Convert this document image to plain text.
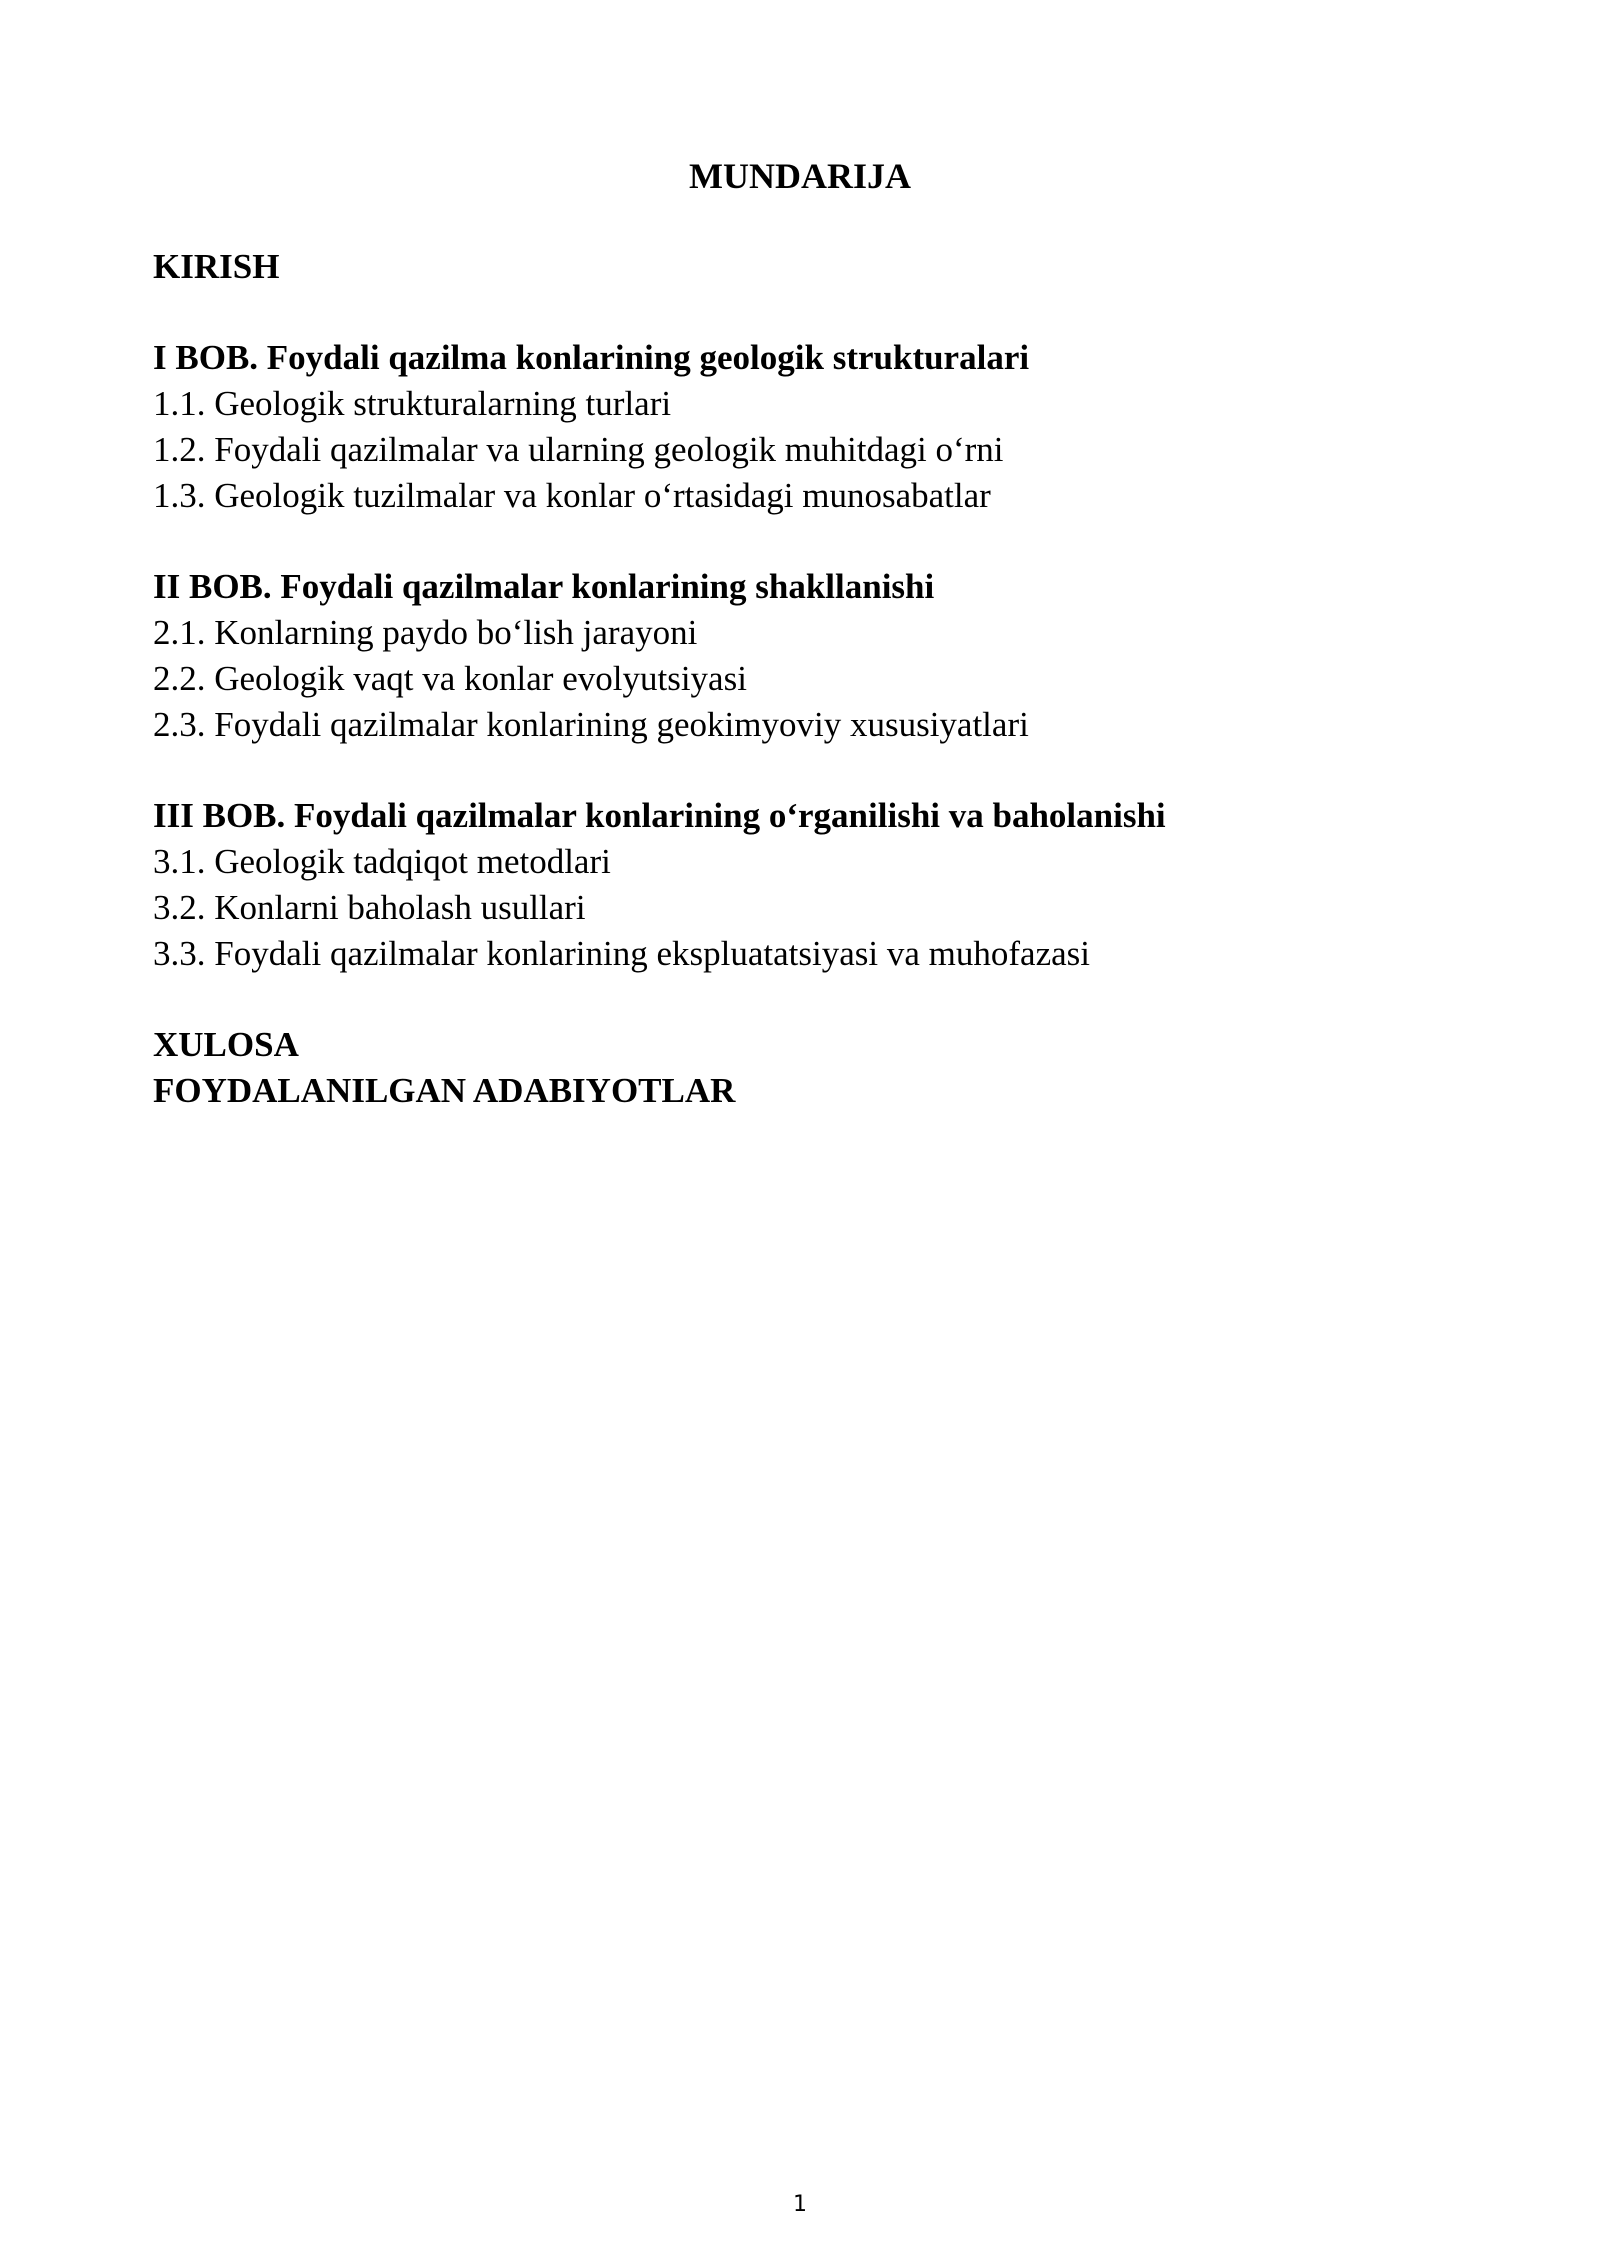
MUNDARIJA
KIRISH
I BOB. Foydali qazilma konlarining geologik strukturalari
1.1. Geologik strukturalarning turlari
1.2. Foydali qazilmalar va ularning geologik muhitdagi o‘rni
1.3. Geologik tuzilmalar va konlar o‘rtasidagi munosabatlar
II BOB. Foydali qazilmalar konlarining shakllanishi
2.1. Konlarning paydo bo‘lish jarayoni
2.2. Geologik vaqt va konlar evolyutsiyasi
2.3. Foydali qazilmalar konlarining geokimyoviy xususiyatlari
III BOB. Foydali qazilmalar konlarining o‘rganilishi va baholanishi
3.1. Geologik tadqiqot metodlari
3.2. Konlarni baholash usullari
3.3. Foydali qazilmalar konlarining ekspluatatsiyasi va muhofazasi
XULOSA
FOYDALANILGAN ADABIYOTLAR
1
